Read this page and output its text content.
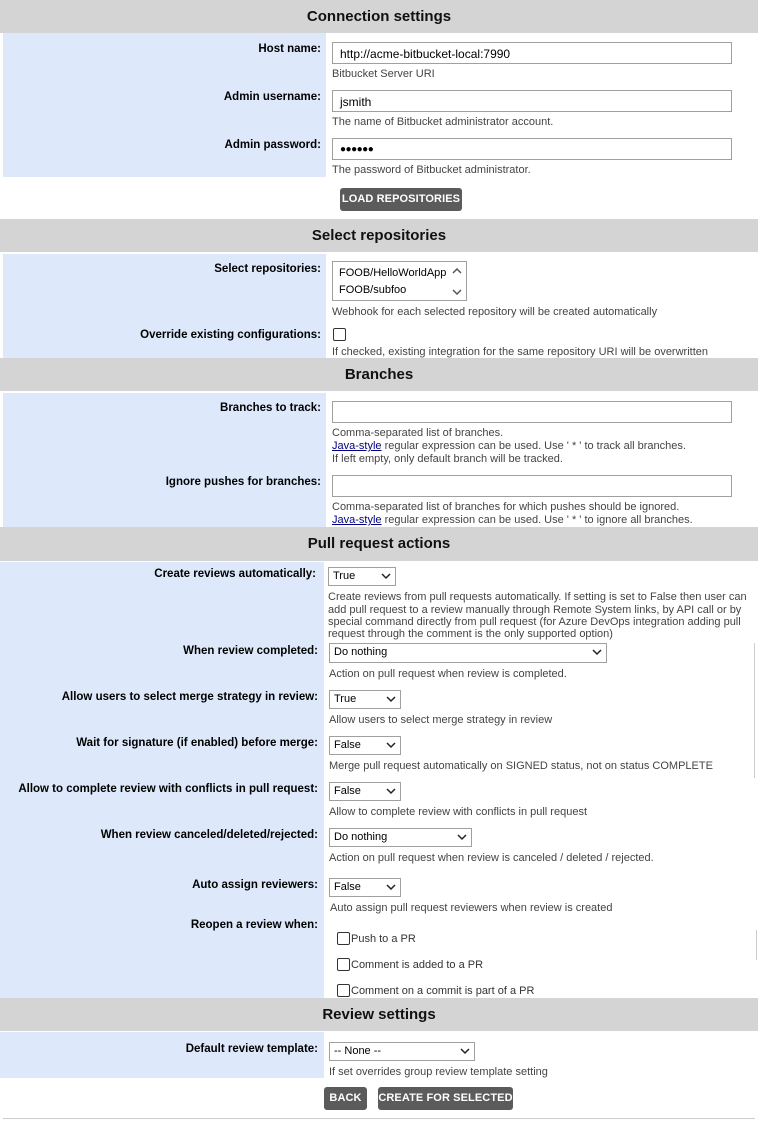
Connection settings
Host name:	http://acme-bitbucket-local:7990
Bitbucket Server URI
Admin username:	jsmith
The name of Bitbucket administrator account.
Admin password:	●●●●●●
The password of Bitbucket administrator.
LOAD REPOSITORIES
Select repositories
Select repositories: FOOB/HelloWorldApp
FOOB/subfoo
Webhook for each selected repository will be created automatically
Override existing configurations:
If checked, existing integration for the same repository URI will be overwritten
Branches
Branches to track:
Comma-separated list of branches.
Java-style regular expression can be used. Use ' * ' to track all branches.
If left empty, only default branch will be tracked.
Ignore pushes for branches:
Comma-separated list of branches for which pushes should be ignored.
Java-style regular expression can be used. Use ' * ' to ignore all branches.
Pull request actions
Create reviews automatically:	True
Create reviews from pull requests automatically. If setting is set to False then user can
add pull request to a review manually through Remote System links, by API call or by
special command directly from pull request (for Azure DevOps integration adding pull
request through the comment is the only supported option)
When review completed:	Do nothing
Action on pull request when review is completed.
Allow users to select merge strategy in review:	True
Allow users to select merge strategy in review
Wait for signature (if enabled) before merge:	False
Merge pull request automatically on SIGNED status, not on status COMPLETE
Allow to complete review with conflicts in pull request:	False
Allow to complete review with conflicts in pull request
When review canceled/deleted/rejected:	Do nothing
Action on pull request when review is canceled / deleted / rejected.
Auto assign reviewers:	False
Auto assign pull request reviewers when review is created
Reopen a review when:
Push to a PR
Comment is added to a PR
Comment on a commit is part of a PR
Review settings
Default review template:	-- None --
If set overrides group review template setting
BACK	CREATE FOR SELECTED
